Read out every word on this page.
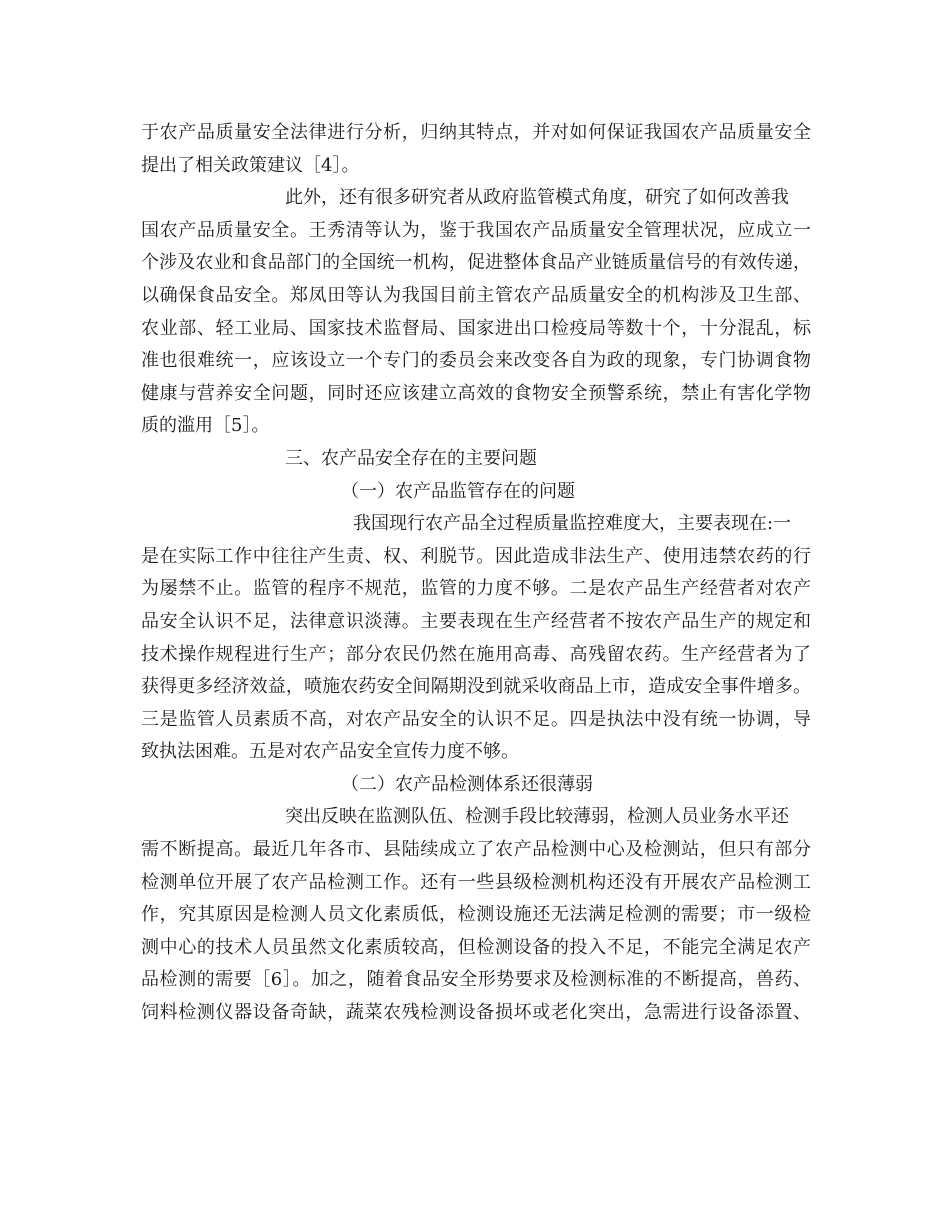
于农产品质量安全法律进行分析，归纳其特点，并对如何保证我国农产品质量安全
提出了相关政策建议［4］。
此外，还有很多研究者从政府监管模式角度，研究了如何改善我
国农产品质量安全。王秀清等认为，鉴于我国农产品质量安全管理状况，应成立一
个涉及农业和食品部门的全国统一机构，促进整体食品产业链质量信号的有效传递，
以确保食品安全。郑凤田等认为我国目前主管农产品质量安全的机构涉及卫生部、
农业部、轻工业局、国家技术监督局、国家进出口检疫局等数十个，十分混乱，标
准也很难统一，应该设立一个专门的委员会来改变各自为政的现象，专门协调食物
健康与营养安全问题，同时还应该建立高效的食物安全预警系统，禁止有害化学物
质的滥用［5］。
三、农产品安全存在的主要问题
（一）农产品监管存在的问题
我国现行农产品全过程质量监控难度大，主要表现在:一
是在实际工作中往往产生责、权、利脱节。因此造成非法生产、使用违禁农药的行
为屡禁不止。监管的程序不规范，监管的力度不够。二是农产品生产经营者对农产
品安全认识不足，法律意识淡薄。主要表现在生产经营者不按农产品生产的规定和
技术操作规程进行生产；部分农民仍然在施用高毒、高残留农药。生产经营者为了
获得更多经济效益，喷施农药安全间隔期没到就采收商品上市，造成安全事件增多。
三是监管人员素质不高，对农产品安全的认识不足。四是执法中没有统一协调，导
致执法困难。五是对农产品安全宣传力度不够。
（二）农产品检测体系还很薄弱
突出反映在监测队伍、检测手段比较薄弱，检测人员业务水平还
需不断提高。最近几年各市、县陆续成立了农产品检测中心及检测站，但只有部分
检测单位开展了农产品检测工作。还有一些县级检测机构还没有开展农产品检测工
作，究其原因是检测人员文化素质低，检测设施还无法满足检测的需要；市一级检
测中心的技术人员虽然文化素质较高，但检测设备的投入不足，不能完全满足农产
品检测的需要［6］。加之，随着食品安全形势要求及检测标准的不断提高，兽药、
饲料检测仪器设备奇缺，蔬菜农残检测设备损坏或老化突出，急需进行设备添置、
